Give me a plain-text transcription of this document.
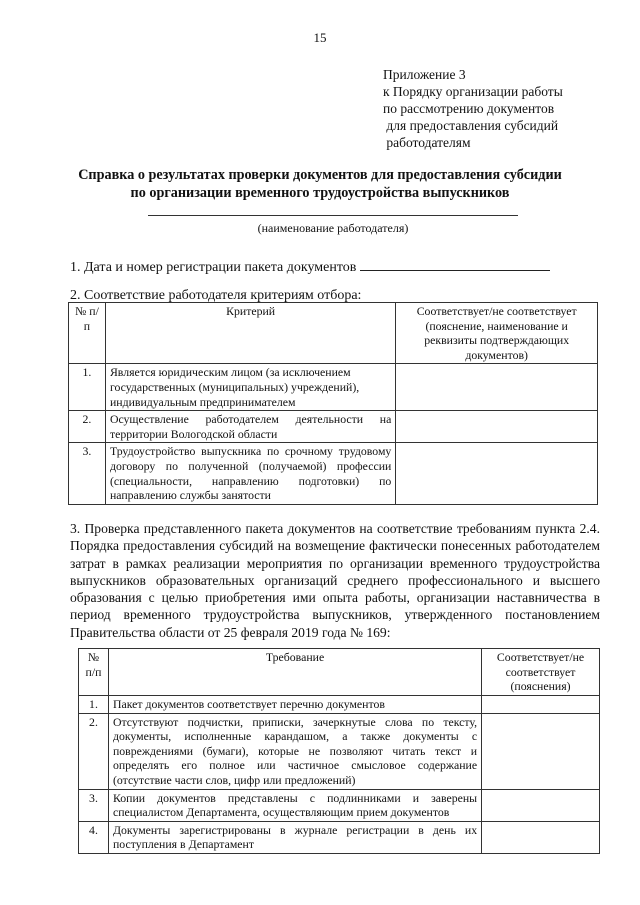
15
Приложение 3
к Порядку организации работы
по рассмотрению документов
для предоставления субсидий
работодателям
Справка о результатах проверки документов для предоставления субсидии
по организации временного трудоустройства выпускников
(наименование работодателя)
1. Дата и номер регистрации пакета документов
2. Соответствие работодателя критериям отбора:
№ п/п	Критерий	Соответствует/не соответствует (пояснение, наименование и реквизиты подтверждающих документов)
1.	Является юридическим лицом (за исключением государственных (муниципальных) учреждений), индивидуальным предпринимателем	
2.	Осуществление работодателем деятельности на территории Вологодской области	
3.	Трудоустройство выпускника по срочному трудовому договору по полученной (получаемой) профессии (специальности, направлению подготовки) по направлению службы занятости	
3. Проверка представленного пакета документов на соответствие требованиям пункта 2.4. Порядка предоставления субсидий на возмещение фактически понесенных работодателем затрат в рамках реализации мероприятия по организации временного трудоустройства выпускников образовательных организаций среднего профессионального и высшего образования с целью приобретения ими опыта работы, организации наставничества в период временного трудоустройства выпускников, утвержденного постановлением Правительства области от 25 февраля 2019 года № 169:
№ п/п	Требование	Соответствует/не соответствует (пояснения)
1.	Пакет документов соответствует перечню документов	
2.	Отсутствуют подчистки, приписки, зачеркнутые слова по тексту, документы, исполненные карандашом, а также документы с повреждениями (бумаги), которые не позволяют читать текст и определять его полное или частичное смысловое содержание (отсутствие части слов, цифр или предложений)	
3.	Копии документов представлены с подлинниками и заверены специалистом Департамента, осуществляющим прием документов	
4.	Документы зарегистрированы в журнале регистрации в день их поступления в Департамент	
